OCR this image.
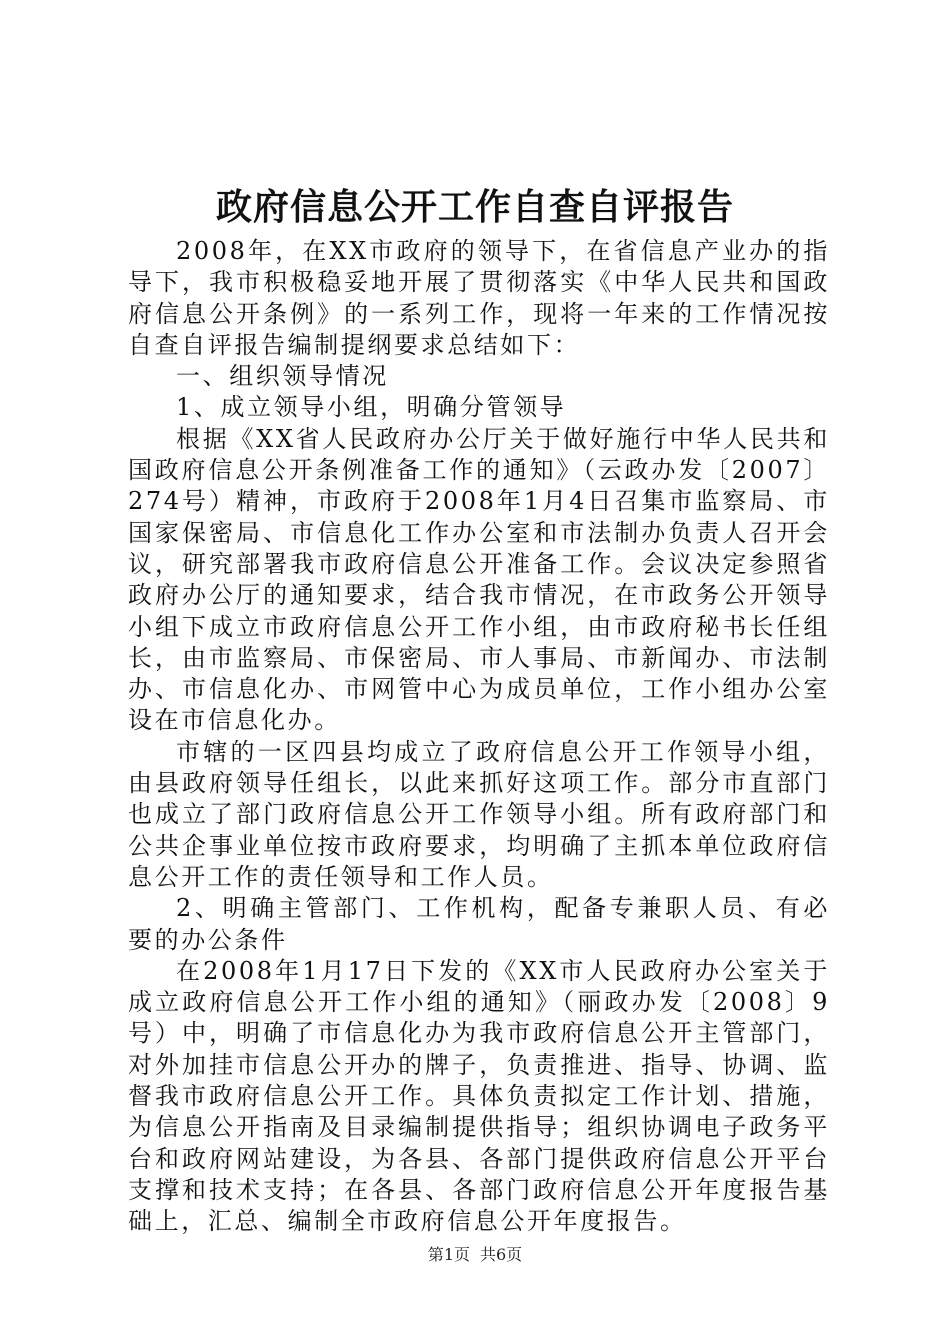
政府信息公开工作自查自评报告

2008年，在XX市政府的领导下，在省信息产业办的指导下，我市积极稳妥地开展了贯彻落实《中华人民共和国政府信息公开条例》的一系列工作，现将一年来的工作情况按自查自评报告编制提纲要求总结如下：

一、组织领导情况

1、成立领导小组，明确分管领导

根据《XX省人民政府办公厅关于做好施行中华人民共和国政府信息公开条例准备工作的通知》（云政办发〔2007〕274号）精神，市政府于2008年1月4日召集市监察局、市国家保密局、市信息化工作办公室和市法制办负责人召开会议，研究部署我市政府信息公开准备工作。会议决定参照省政府办公厅的通知要求，结合我市情况，在市政务公开领导小组下成立市政府信息公开工作小组，由市政府秘书长任组长，由市监察局、市保密局、市人事局、市新闻办、市法制办、市信息化办、市网管中心为成员单位，工作小组办公室设在市信息化办。

市辖的一区四县均成立了政府信息公开工作领导小组，由县政府领导任组长，以此来抓好这项工作。部分市直部门也成立了部门政府信息公开工作领导小组。所有政府部门和公共企事业单位按市政府要求，均明确了主抓本单位政府信息公开工作的责任领导和工作人员。

2、明确主管部门、工作机构，配备专兼职人员、有必要的办公条件

在2008年1月17日下发的《XX市人民政府办公室关于成立政府信息公开工作小组的通知》（丽政办发〔2008〕9号）中，明确了市信息化办为我市政府信息公开主管部门，对外加挂市信息公开办的牌子，负责推进、指导、协调、监督我市政府信息公开工作。具体负责拟定工作计划、措施，为信息公开指南及目录编制提供指导；组织协调电子政务平台和政府网站建设，为各县、各部门提供政府信息公开平台支撑和技术支持；在各县、各部门政府信息公开年度报告基础上，汇总、编制全市政府信息公开年度报告。

第1页 共6页
